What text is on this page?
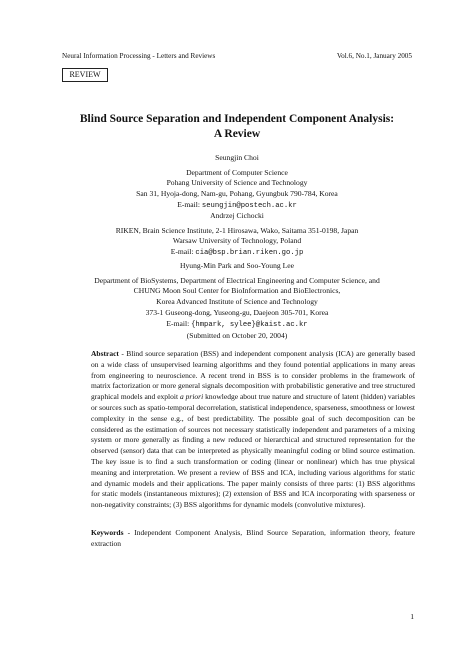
Neural Information Processing - Letters and Reviews	Vol.6, No.1, January 2005
REVIEW
Blind Source Separation and Independent Component Analysis:
A Review
Seungjin Choi
Department of Computer Science
Pohang University of Science and Technology
San 31, Hyoja-dong, Nam-gu, Pohang, Gyungbuk 790-784, Korea
E-mail: seungjin@postech.ac.kr
Andrzej Cichocki
RIKEN, Brain Science Institute, 2-1 Hirosawa, Wako, Saitama 351-0198, Japan
Warsaw University of Technology, Poland
E-mail: cia@bsp.brian.riken.go.jp
Hyung-Min Park and Soo-Young Lee
Department of BioSystems, Department of Electrical Engineering and Computer Science, and
CHUNG Moon Soul Center for BioInformation and BioElectronics,
Korea Advanced Institute of Science and Technology
373-1 Guseong-dong, Yuseong-gu, Daejeon 305-701, Korea
E-mail: {hmpark, sylee}@kaist.ac.kr
(Submitted on October 20, 2004)
Abstract - Blind source separation (BSS) and independent component analysis (ICA) are generally based on a wide class of unsupervised learning algorithms and they found potential applications in many areas from engineering to neuroscience. A recent trend in BSS is to consider problems in the framework of matrix factorization or more general signals decomposition with probabilistic generative and tree structured graphical models and exploit a priori knowledge about true nature and structure of latent (hidden) variables or sources such as spatio-temporal decorrelation, statistical independence, sparseness, smoothness or lowest complexity in the sense e.g., of best predictability. The possible goal of such decomposition can be considered as the estimation of sources not necessary statistically independent and parameters of a mixing system or more generally as finding a new reduced or hierarchical and structured representation for the observed (sensor) data that can be interpreted as physically meaningful coding or blind source estimation. The key issue is to find a such transformation or coding (linear or nonlinear) which has true physical meaning and interpretation. We present a review of BSS and ICA, including various algorithms for static and dynamic models and their applications. The paper mainly consists of three parts: (1) BSS algorithms for static models (instantaneous mixtures); (2) extension of BSS and ICA incorporating with sparseness or non-negativity constraints; (3) BSS algorithms for dynamic models (convolutive mixtures).
Keywords - Independent Component Analysis, Blind Source Separation, information theory, feature extraction
1
